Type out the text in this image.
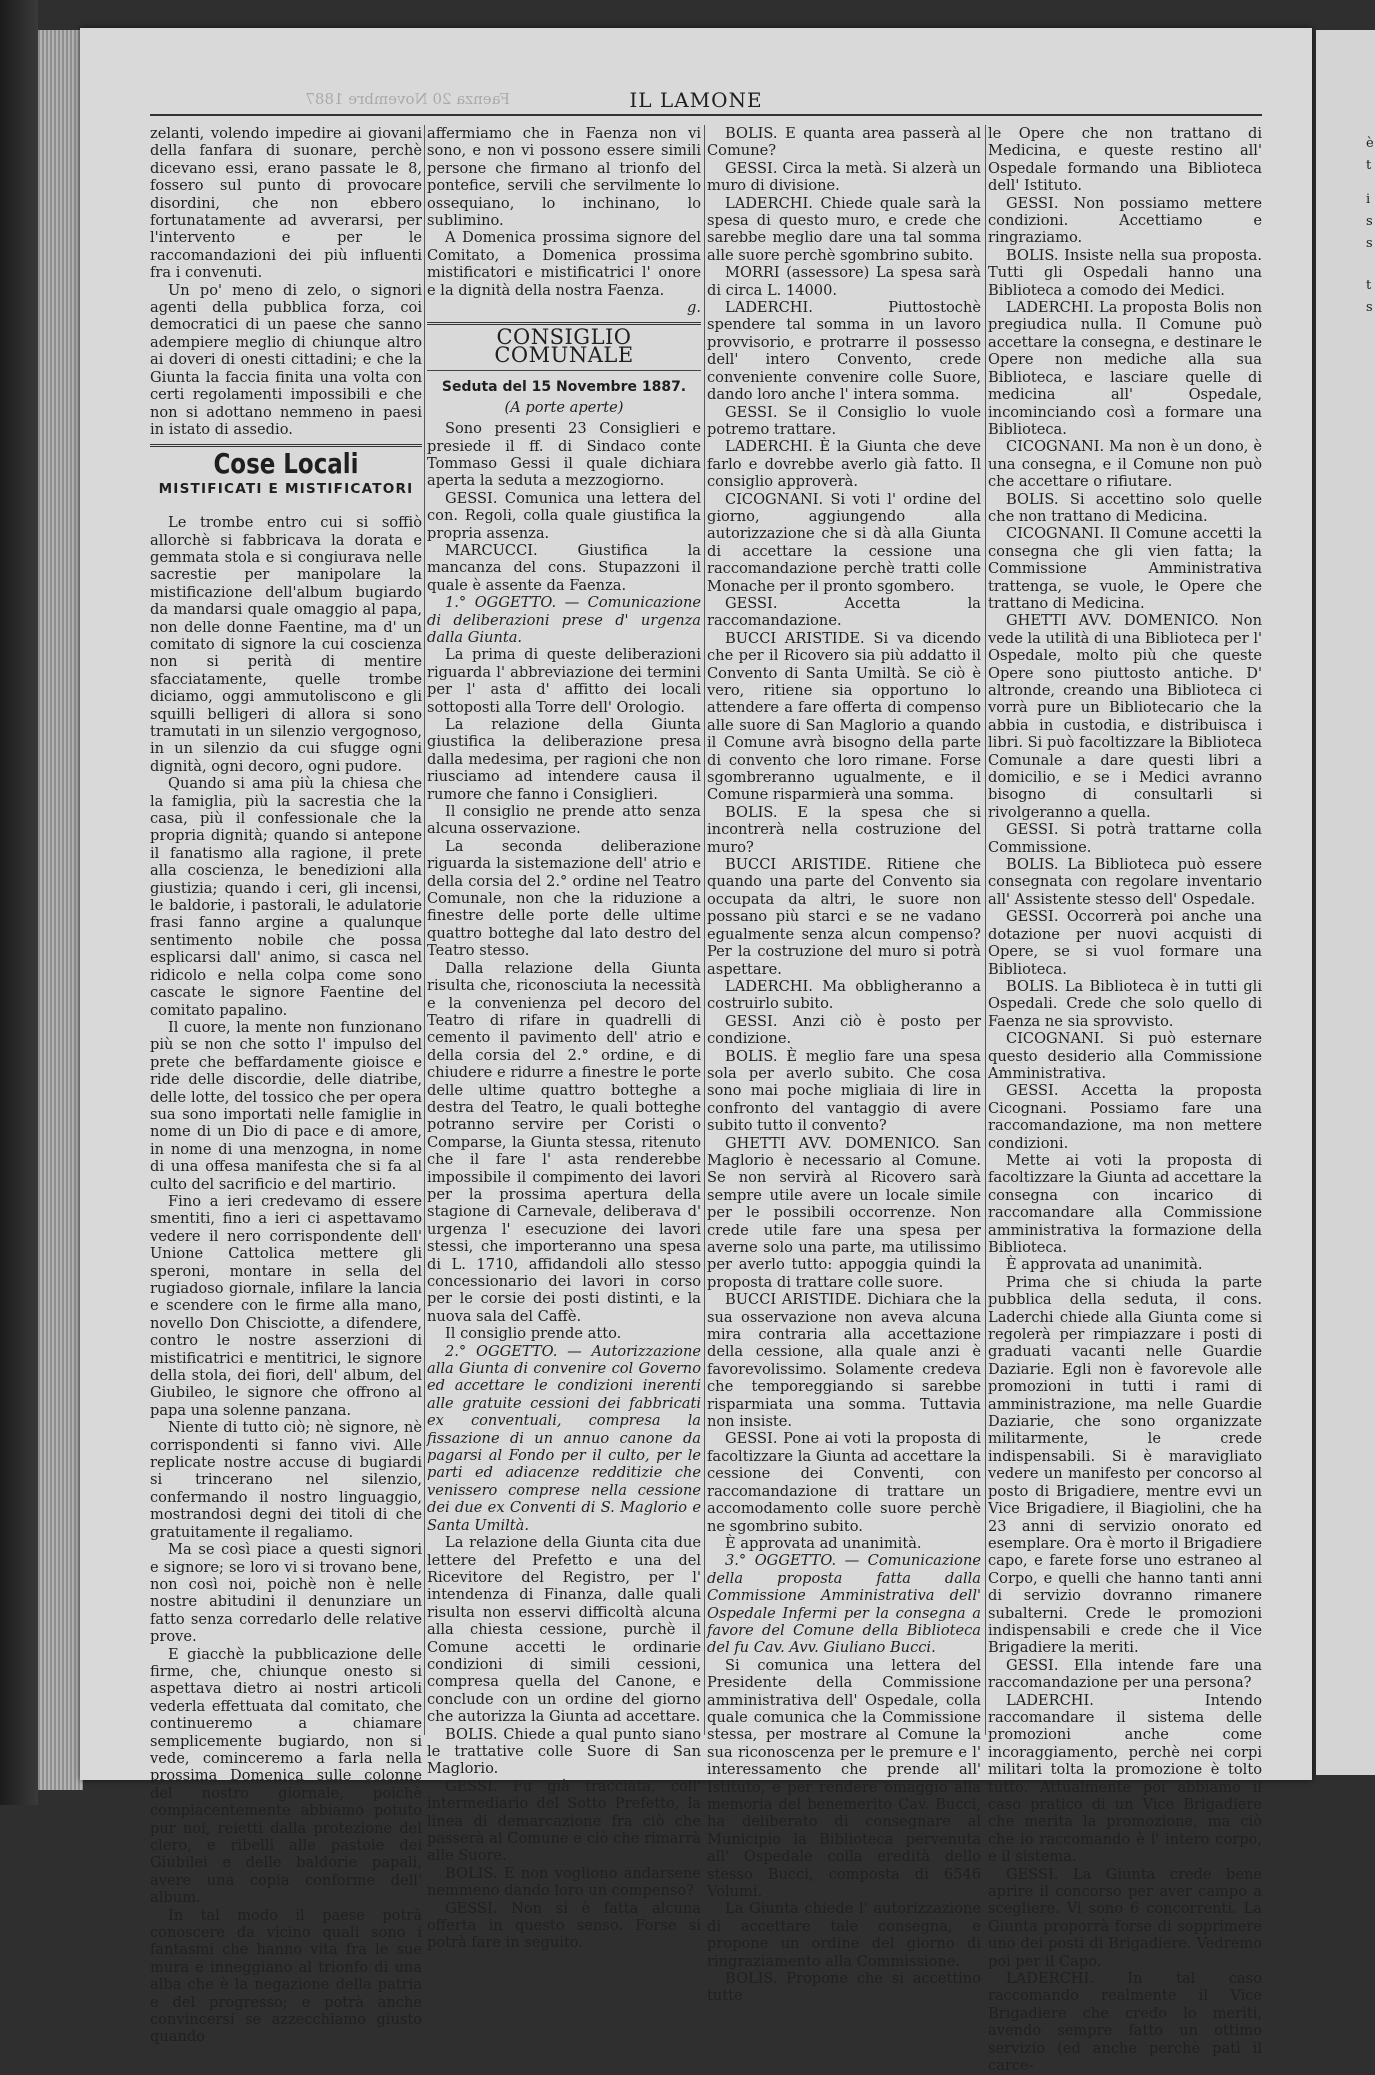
Faenza 20 Novembre 1887	IL LAMONE

zelanti, volendo impedire ai giovani della fanfara di suonare, perchè dicevano essi, erano passate le 8, fossero sul punto di provocare disordini, che non ebbero fortunatamente ad avverarsi, per l'intervento e per le raccomandazioni dei più influenti fra i convenuti.

Un po' meno di zelo, o signori agenti della pubblica forza, coi democratici di un paese che sanno adempiere meglio di chiunque altro ai doveri di onesti cittadini; e che la Giunta la faccia finita una volta con certi regolamenti impossibili e che non si adottano nemmeno in paesi in istato di assedio.

Cose Locali
MISTIFICATI E MISTIFICATORI

Le trombe entro cui si soffiò allorchè si fabbricava la dorata e gemmata stola e si congiurava nelle sacrestie per manipolare la mistificazione dell'album bugiardo da mandarsi quale omaggio al papa, non delle donne Faentine, ma d' un comitato di signore la cui coscienza non si perità di mentire sfacciatamente, quelle trombe diciamo, oggi ammutoliscono e gli squilli belligeri di allora si sono tramutati in un silenzio vergognoso, in un silenzio da cui sfugge ogni dignità, ogni decoro, ogni pudore.

Quando si ama più la chiesa che la famiglia, più la sacrestia che la casa, più il confessionale che la propria dignità; quando si antepone il fanatismo alla ragione, il prete alla coscienza, le benedizioni alla giustizia; quando i ceri, gli incensi, le baldorie, i pastorali, le adulatorie frasi fanno argine a qualunque sentimento nobile che possa esplicarsi dall' animo, si casca nel ridicolo e nella colpa come sono cascate le signore Faentine del comitato papalino.

Il cuore, la mente non funzionano più se non che sotto l' impulso del prete che beffardamente gioisce e ride delle discordie, delle diatribe, delle lotte, del tossico che per opera sua sono importati nelle famiglie in nome di un Dio di pace e di amore, in nome di una menzogna, in nome di una offesa manifesta che si fa al culto del sacrificio e del martirio.

Fino a ieri credevamo di essere smentiti, fino a ieri ci aspettavamo vedere il nero corrispondente dell' Unione Cattolica mettere gli speroni, montare in sella del rugiadoso giornale, infilare la lancia e scendere con le firme alla mano, novello Don Chisciotte, a difendere, contro le nostre asserzioni di mistificatrici e mentitrici, le signore della stola, dei fiori, dell' album, del Giubileo, le signore che offrono al papa una solenne panzana.

Niente di tutto ciò; nè signore, nè corrispondenti si fanno vivi. Alle replicate nostre accuse di bugiardi si trincerano nel silenzio, confermando il nostro linguaggio, mostrandosi degni dei titoli di che gratuitamente il regaliamo.

Ma se così piace a questi signori e signore; se loro vi si trovano bene, non così noi, poichè non è nelle nostre abitudini il denunziare un fatto senza corredarlo delle relative prove.

E giacchè la pubblicazione delle firme, che, chiunque onesto si aspettava dietro ai nostri articoli vederla effettuata dal comitato, che continueremo a chiamare semplicemente bugiardo, non si vede, cominceremo a farla nella prossima Domenica sulle colonne del nostro giornale, poichè compiacentemente abbiamo potuto pur noi, reietti dalla protezione del clero, e ribelli alle pastoie dei Giubilei e delle baldorie papali, avere una copia conforme dell' album.

In tal modo il paese potrà conoscere da vicino quali sono i fantasmi che hanno vita fra le sue mura e inneggiano al trionfo di una alba che è la negazione della patria e del progresso; e potrà anche convincersi se azzecchiamo giusto quando

affermiamo che in Faenza non vi sono, e non vi possono essere simili persone che firmano al trionfo del pontefice, servili che servilmente lo ossequiano, lo inchinano, lo sublimino.

A Domenica prossima signore del Comitato, a Domenica prossima mistificatori e mistificatrici l' onore e la dignità della nostra Faenza.

g.
CONSIGLIO COMUNALE
Seduta del 15 Novembre 1887.
(A porte aperte)

Sono presenti 23 Consiglieri e presiede il ff. di Sindaco conte Tommaso Gessi il quale dichiara aperta la seduta a mezzogiorno.

GESSI. Comunica una lettera del con. Regoli, colla quale giustifica la propria assenza.

MARCUCCI. Giustifica la mancanza del cons. Stupazzoni il quale è assente da Faenza.

1.° OGGETTO. — Comunicazione di deliberazioni prese d' urgenza dalla Giunta.

La prima di queste deliberazioni riguarda l' abbreviazione dei termini per l' asta d' affitto dei locali sottoposti alla Torre dell' Orologio.

La relazione della Giunta giustifica la deliberazione presa dalla medesima, per ragioni che non riusciamo ad intendere causa il rumore che fanno i Consiglieri.

Il consiglio ne prende atto senza alcuna osservazione.

La seconda deliberazione riguarda la sistemazione dell' atrio e della corsia del 2.° ordine nel Teatro Comunale, non che la riduzione a finestre delle porte delle ultime quattro botteghe dal lato destro del Teatro stesso.

Dalla relazione della Giunta risulta che, riconosciuta la necessità e la convenienza pel decoro del Teatro di rifare in quadrelli di cemento il pavimento dell' atrio e della corsia del 2.° ordine, e di chiudere e ridurre a finestre le porte delle ultime quattro botteghe a destra del Teatro, le quali botteghe potranno servire per Coristi o Comparse, la Giunta stessa, ritenuto che il fare l' asta renderebbe impossibile il compimento dei lavori per la prossima apertura della stagione di Carnevale, deliberava d' urgenza l' esecuzione dei lavori stessi, che importeranno una spesa di L. 1710, affidandoli allo stesso concessionario dei lavori in corso per le corsie dei posti distinti, e la nuova sala del Caffè.

Il consiglio prende atto.

2.° OGGETTO. — Autorizzazione alla Giunta di convenire col Governo ed accettare le condizioni inerenti alle gratuite cessioni dei fabbricati ex conventuali, compresa la fissazione di un annuo canone da pagarsi al Fondo per il culto, per le parti ed adiacenze redditizie che venissero comprese nella cessione dei due ex Conventi di S. Maglorio e Santa Umiltà.

La relazione della Giunta cita due lettere del Prefetto e una del Ricevitore del Registro, per l' intendenza di Finanza, dalle quali risulta non esservi difficoltà alcuna alla chiesta cessione, purchè il Comune accetti le ordinarie condizioni di simili cessioni, compresa quella del Canone, e conclude con un ordine del giorno che autorizza la Giunta ad accettare.

BOLIS. Chiede a qual punto siano le trattative colle Suore di San Maglorio.

GESSI. Fu già tracciata, coll' intermediario del Sotto Prefetto, la linea di demarcazione fra ciò che passerà al Comune e ciò che rimarrà alle Suore.

BOLIS. E non vogliono andarsene nemmeno dando loro un compenso?

GESSI. Non si è fatta alcuna offerta in questo senso. Forse si potrà fare in seguito.

BOLIS. E quanta area passerà al Comune?

GESSI. Circa la metà. Si alzerà un muro di divisione.

LADERCHI. Chiede quale sarà la spesa di questo muro, e crede che sarebbe meglio dare una tal somma alle suore perchè sgombrino subito.

MORRI (assessore) La spesa sarà di circa L. 14000.

LADERCHI. Piuttostochè spendere tal somma in un lavoro provvisorio, e protrarre il possesso dell' intero Convento, crede conveniente convenire colle Suore, dando loro anche l' intera somma.

GESSI. Se il Consiglio lo vuole potremo trattare.

LADERCHI. È la Giunta che deve farlo e dovrebbe averlo già fatto. Il consiglio approverà.

CICOGNANI. Si voti l' ordine del giorno, aggiungendo alla autorizzazione che si dà alla Giunta di accettare la cessione una raccomandazione perchè tratti colle Monache per il pronto sgombero.

GESSI. Accetta la raccomandazione.

BUCCI ARISTIDE. Si va dicendo che per il Ricovero sia più addatto il Convento di Santa Umiltà. Se ciò è vero, ritiene sia opportuno lo attendere a fare offerta di compenso alle suore di San Maglorio a quando il Comune avrà bisogno della parte di convento che loro rimane. Forse sgombreranno ugualmente, e il Comune risparmierà una somma.

BOLIS. E la spesa che si incontrerà nella costruzione del muro?

BUCCI ARISTIDE. Ritiene che quando una parte del Convento sia occupata da altri, le suore non possano più starci e se ne vadano egualmente senza alcun compenso? Per la costruzione del muro si potrà aspettare.

LADERCHI. Ma obbligheranno a costruirlo subito.

GESSI. Anzi ciò è posto per condizione.

BOLIS. È meglio fare una spesa sola per averlo subito. Che cosa sono mai poche migliaia di lire in confronto del vantaggio di avere subito tutto il convento?

GHETTI AVV. DOMENICO. San Maglorio è necessario al Comune. Se non servirà al Ricovero sarà sempre utile avere un locale simile per le possibili occorrenze. Non crede utile fare una spesa per averne solo una parte, ma utilissimo per averlo tutto: appoggia quindi la proposta di trattare colle suore.

BUCCI ARISTIDE. Dichiara che la sua osservazione non aveva alcuna mira contraria alla accettazione della cessione, alla quale anzi è favorevolissimo. Solamente credeva che temporeggiando si sarebbe risparmiata una somma. Tuttavia non insiste.

GESSI. Pone ai voti la proposta di facoltizzare la Giunta ad accettare la cessione dei Conventi, con raccomandazione di trattare un accomodamento colle suore perchè ne sgombrino subito.

È approvata ad unanimità.

3.° OGGETTO. — Comunicazione della proposta fatta dalla Commissione Amministrativa dell' Ospedale Infermi per la consegna a favore del Comune della Biblioteca del fu Cav. Avv. Giuliano Bucci.

Si comunica una lettera del Presidente della Commissione amministrativa dell' Ospedale, colla quale comunica che la Commissione stessa, per mostrare al Comune la sua riconoscenza per le premure e l' interessamento che prende all' Istituto, e per rendere omaggio alla memoria del benemerito Cav. Bucci, ha deliberato di consegnare al Municipio la Biblioteca pervenuta all' Ospedale colla eredità dello stesso Bucci, composta di 6546 Volumi.

La Giunta chiede l' autorizzazione di accettare tale consegna, e propone un ordine del giorno di ringraziamento alla Commissione.

BOLIS. Propone che si accettino tutte

le Opere che non trattano di Medicina, e queste restino all' Ospedale formando una Biblioteca dell' Istituto.

GESSI. Non possiamo mettere condizioni. Accettiamo e ringraziamo.

BOLIS. Insiste nella sua proposta. Tutti gli Ospedali hanno una Biblioteca a comodo dei Medici.

LADERCHI. La proposta Bolis non pregiudica nulla. Il Comune può accettare la consegna, e destinare le Opere non mediche alla sua Biblioteca, e lasciare quelle di medicina all' Ospedale, incominciando così a formare una Biblioteca.

CICOGNANI. Ma non è un dono, è una consegna, e il Comune non può che accettare o rifiutare.

BOLIS. Si accettino solo quelle che non trattano di Medicina.

CICOGNANI. Il Comune accetti la consegna che gli vien fatta; la Commissione Amministrativa trattenga, se vuole, le Opere che trattano di Medicina.

GHETTI AVV. DOMENICO. Non vede la utilità di una Biblioteca per l' Ospedale, molto più che queste Opere sono piuttosto antiche. D' altronde, creando una Biblioteca ci vorrà pure un Bibliotecario che la abbia in custodia, e distribuisca i libri. Si può facoltizzare la Biblioteca Comunale a dare questi libri a domicilio, e se i Medici avranno bisogno di consultarli si rivolgeranno a quella.

GESSI. Si potrà trattarne colla Commissione.

BOLIS. La Biblioteca può essere consegnata con regolare inventario all' Assistente stesso dell' Ospedale.

GESSI. Occorrerà poi anche una dotazione per nuovi acquisti di Opere, se si vuol formare una Biblioteca.

BOLIS. La Biblioteca è in tutti gli Ospedali. Crede che solo quello di Faenza ne sia sprovvisto.

CICOGNANI. Si può esternare questo desiderio alla Commissione Amministrativa.

GESSI. Accetta la proposta Cicognani. Possiamo fare una raccomandazione, ma non mettere condizioni.

Mette ai voti la proposta di facoltizzare la Giunta ad accettare la consegna con incarico di raccomandare alla Commissione amministrativa la formazione della Biblioteca.

È approvata ad unanimità.

Prima che si chiuda la parte pubblica della seduta, il cons. Laderchi chiede alla Giunta come si regolerà per rimpiazzare i posti di graduati vacanti nelle Guardie Daziarie. Egli non è favorevole alle promozioni in tutti i rami di amministrazione, ma nelle Guardie Daziarie, che sono organizzate militarmente, le crede indispensabili. Si è maravigliato vedere un manifesto per concorso al posto di Brigadiere, mentre evvi un Vice Brigadiere, il Biagiolini, che ha 23 anni di servizio onorato ed esemplare. Ora è morto il Brigadiere capo, e farete forse uno estraneo al Corpo, e quelli che hanno tanti anni di servizio dovranno rimanere subalterni. Crede le promozioni indispensabili e crede che il Vice Brigadiere la meriti.

GESSI. Ella intende fare una raccomandazione per una persona?

LADERCHI. Intendo raccomandare il sistema delle promozioni anche come incoraggiamento, perchè nei corpi militari tolta la promozione è tolto tutto. Attualmente poi abbiamo il caso pratico di un Vice Brigadiere che merita la promozione, ma ciò che io raccomando è l' intero corpo, e il sistema.

GESSI. La Giunta crede bene aprire il concorso per aver campo a scegliere. Vi sono 6 concorrenti. La Giunta proporrà forse di sopprimere uno dei posti di Brigadiere. Vedremo poi per il Capo.

LADERCHI. In tal caso raccomando realmente il Vice Brigadiere che credo lo meriti, avendo sempre fatto un ottimo servizio (ed anche perchè patì il carce-

è
t
i
s
s
t
s
